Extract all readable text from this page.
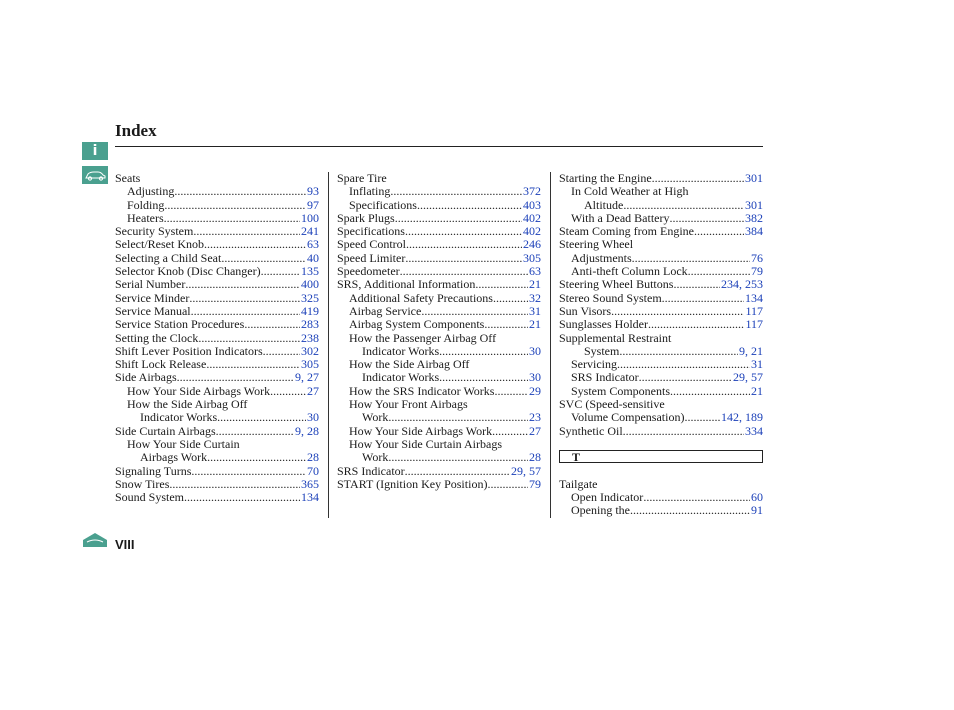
Index
i
Seats
Adjusting .....	93
Folding .....	97
Heaters .....	100
Security System .....	241
Select/Reset Knob .....	63
Selecting a Child Seat .....	40
Selector Knob (Disc Changer) .....	135
Serial Number .....	400
Service Minder .....	325
Service Manual .....	419
Service Station Procedures .....	283
Setting the Clock .....	238
Shift Lever Position Indicators .....	302
Shift Lock Release .....	305
Side Airbags .....	9, 27
How Your Side Airbags Work .....	27
How the Side Airbag Off
Indicator Works .....	30
Side Curtain Airbags .....	9, 28
How Your Side Curtain
Airbags Work .....	28
Signaling Turns .....	70
Snow Tires .....	365
Sound System .....	134
Spare Tire
Inflating .....	372
Specifications .....	403
Spark Plugs .....	402
Specifications .....	402
Speed Control .....	246
Speed Limiter .....	305
Speedometer .....	63
SRS, Additional Information .....	21
Additional Safety Precautions .....	32
Airbag Service .....	31
Airbag System Components .....	21
How the Passenger Airbag Off
Indicator Works .....	30
How the Side Airbag Off
Indicator Works .....	30
How the SRS Indicator Works .....	29
How Your Front Airbags
Work .....	23
How Your Side Airbags Work .....	27
How Your Side Curtain Airbags
Work .....	28
SRS Indicator .....	29, 57
START (Ignition Key Position) .....	79
Starting the Engine .....	301
In Cold Weather at High
Altitude .....	301
With a Dead Battery .....	382
Steam Coming from Engine .....	384
Steering Wheel
Adjustments .....	76
Anti-theft Column Lock .....	79
Steering Wheel Buttons .....	234, 253
Stereo Sound System .....	134
Sun Visors .....	117
Sunglasses Holder .....	117
Supplemental Restraint
System .....	9, 21
Servicing .....	31
SRS Indicator .....	29, 57
System Components .....	21
SVC (Speed-sensitive
Volume Compensation) .....	142, 189
Synthetic Oil .....	334
T
Tailgate
Open Indicator .....	60
Opening the .....	91
VIII
